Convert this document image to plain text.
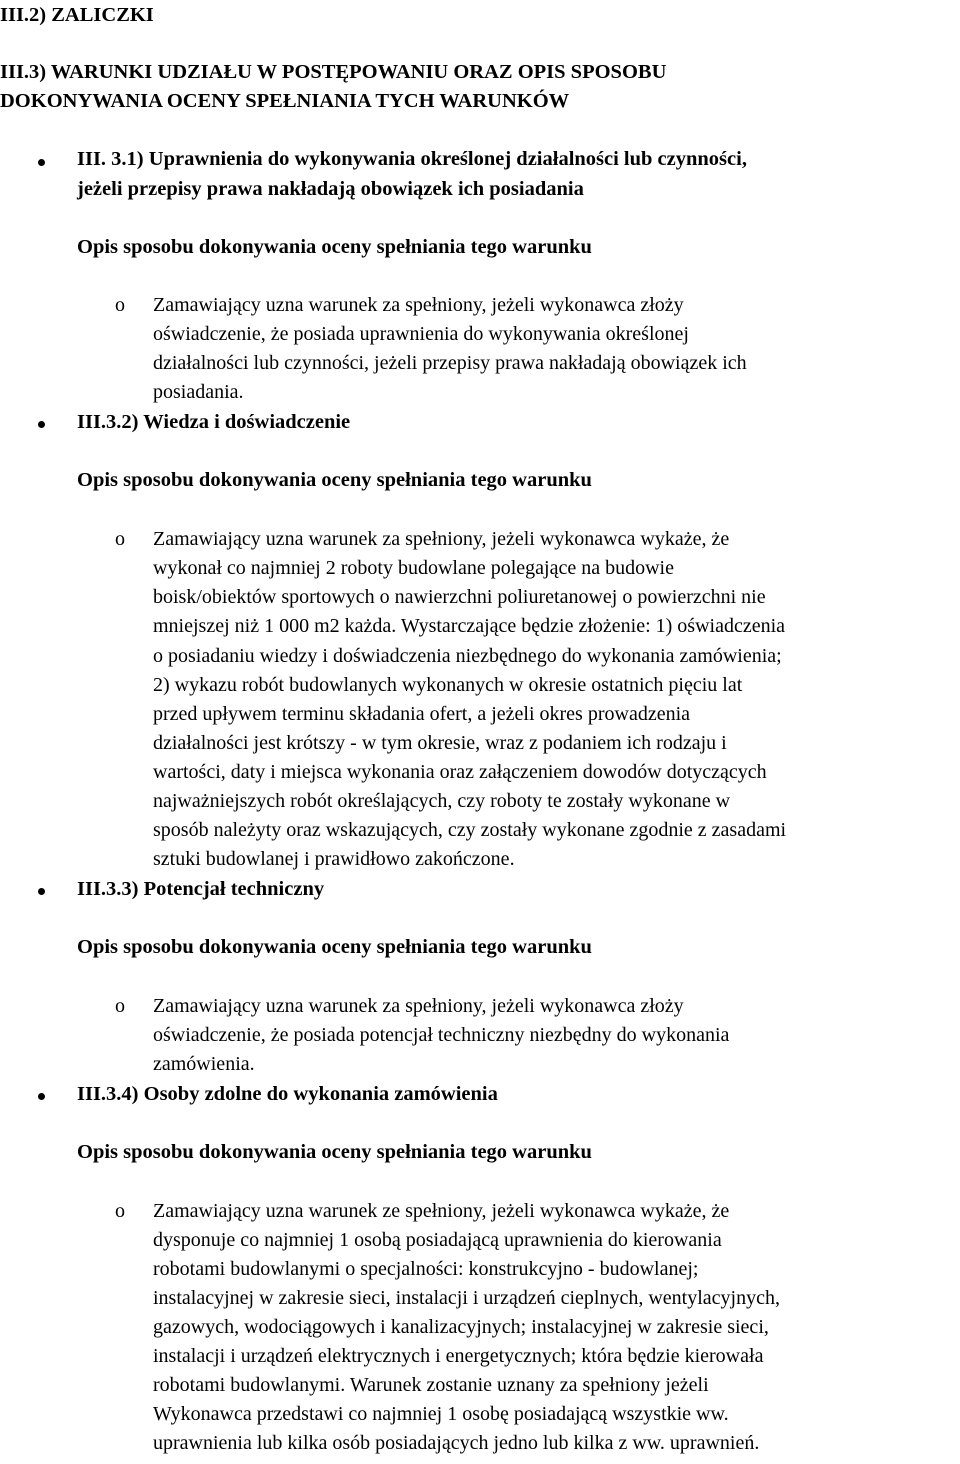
III.2) ZALICZKI
III.3) WARUNKI UDZIAŁU W POSTĘPOWANIU ORAZ OPIS SPOSOBU
DOKONYWANIA OCENY SPEŁNIANIA TYCH WARUNKÓW
III. 3.1) Uprawnienia do wykonywania określonej działalności lub czynności,
jeżeli przepisy prawa nakładają obowiązek ich posiadania
Opis sposobu dokonywania oceny spełniania tego warunku
o Zamawiający uzna warunek za spełniony, jeżeli wykonawca złoży
oświadczenie, że posiada uprawnienia do wykonywania określonej
działalności lub czynności, jeżeli przepisy prawa nakładają obowiązek ich
posiadania.
III.3.2) Wiedza i doświadczenie
Opis sposobu dokonywania oceny spełniania tego warunku
o Zamawiający uzna warunek za spełniony, jeżeli wykonawca wykaże, że
wykonał co najmniej 2 roboty budowlane polegające na budowie
boisk/obiektów sportowych o nawierzchni poliuretanowej o powierzchni nie
mniejszej niż 1 000 m2 każda. Wystarczające będzie złożenie: 1) oświadczenia
o posiadaniu wiedzy i doświadczenia niezbędnego do wykonania zamówienia;
2) wykazu robót budowlanych wykonanych w okresie ostatnich pięciu lat
przed upływem terminu składania ofert, a jeżeli okres prowadzenia
działalności jest krótszy - w tym okresie, wraz z podaniem ich rodzaju i
wartości, daty i miejsca wykonania oraz załączeniem dowodów dotyczących
najważniejszych robót określających, czy roboty te zostały wykonane w
sposób należyty oraz wskazujących, czy zostały wykonane zgodnie z zasadami
sztuki budowlanej i prawidłowo zakończone.
III.3.3) Potencjał techniczny
Opis sposobu dokonywania oceny spełniania tego warunku
o Zamawiający uzna warunek za spełniony, jeżeli wykonawca złoży
oświadczenie, że posiada potencjał techniczny niezbędny do wykonania
zamówienia.
III.3.4) Osoby zdolne do wykonania zamówienia
Opis sposobu dokonywania oceny spełniania tego warunku
o Zamawiający uzna warunek ze spełniony, jeżeli wykonawca wykaże, że
dysponuje co najmniej 1 osobą posiadającą uprawnienia do kierowania
robotami budowlanymi o specjalności: konstrukcyjno - budowlanej;
instalacyjnej w zakresie sieci, instalacji i urządzeń cieplnych, wentylacyjnych,
gazowych, wodociągowych i kanalizacyjnych; instalacyjnej w zakresie sieci,
instalacji i urządzeń elektrycznych i energetycznych; która będzie kierowała
robotami budowlanymi. Warunek zostanie uznany za spełniony jeżeli
Wykonawca przedstawi co najmniej 1 osobę posiadającą wszystkie ww.
uprawnienia lub kilka osób posiadających jedno lub kilka z ww. uprawnień.
